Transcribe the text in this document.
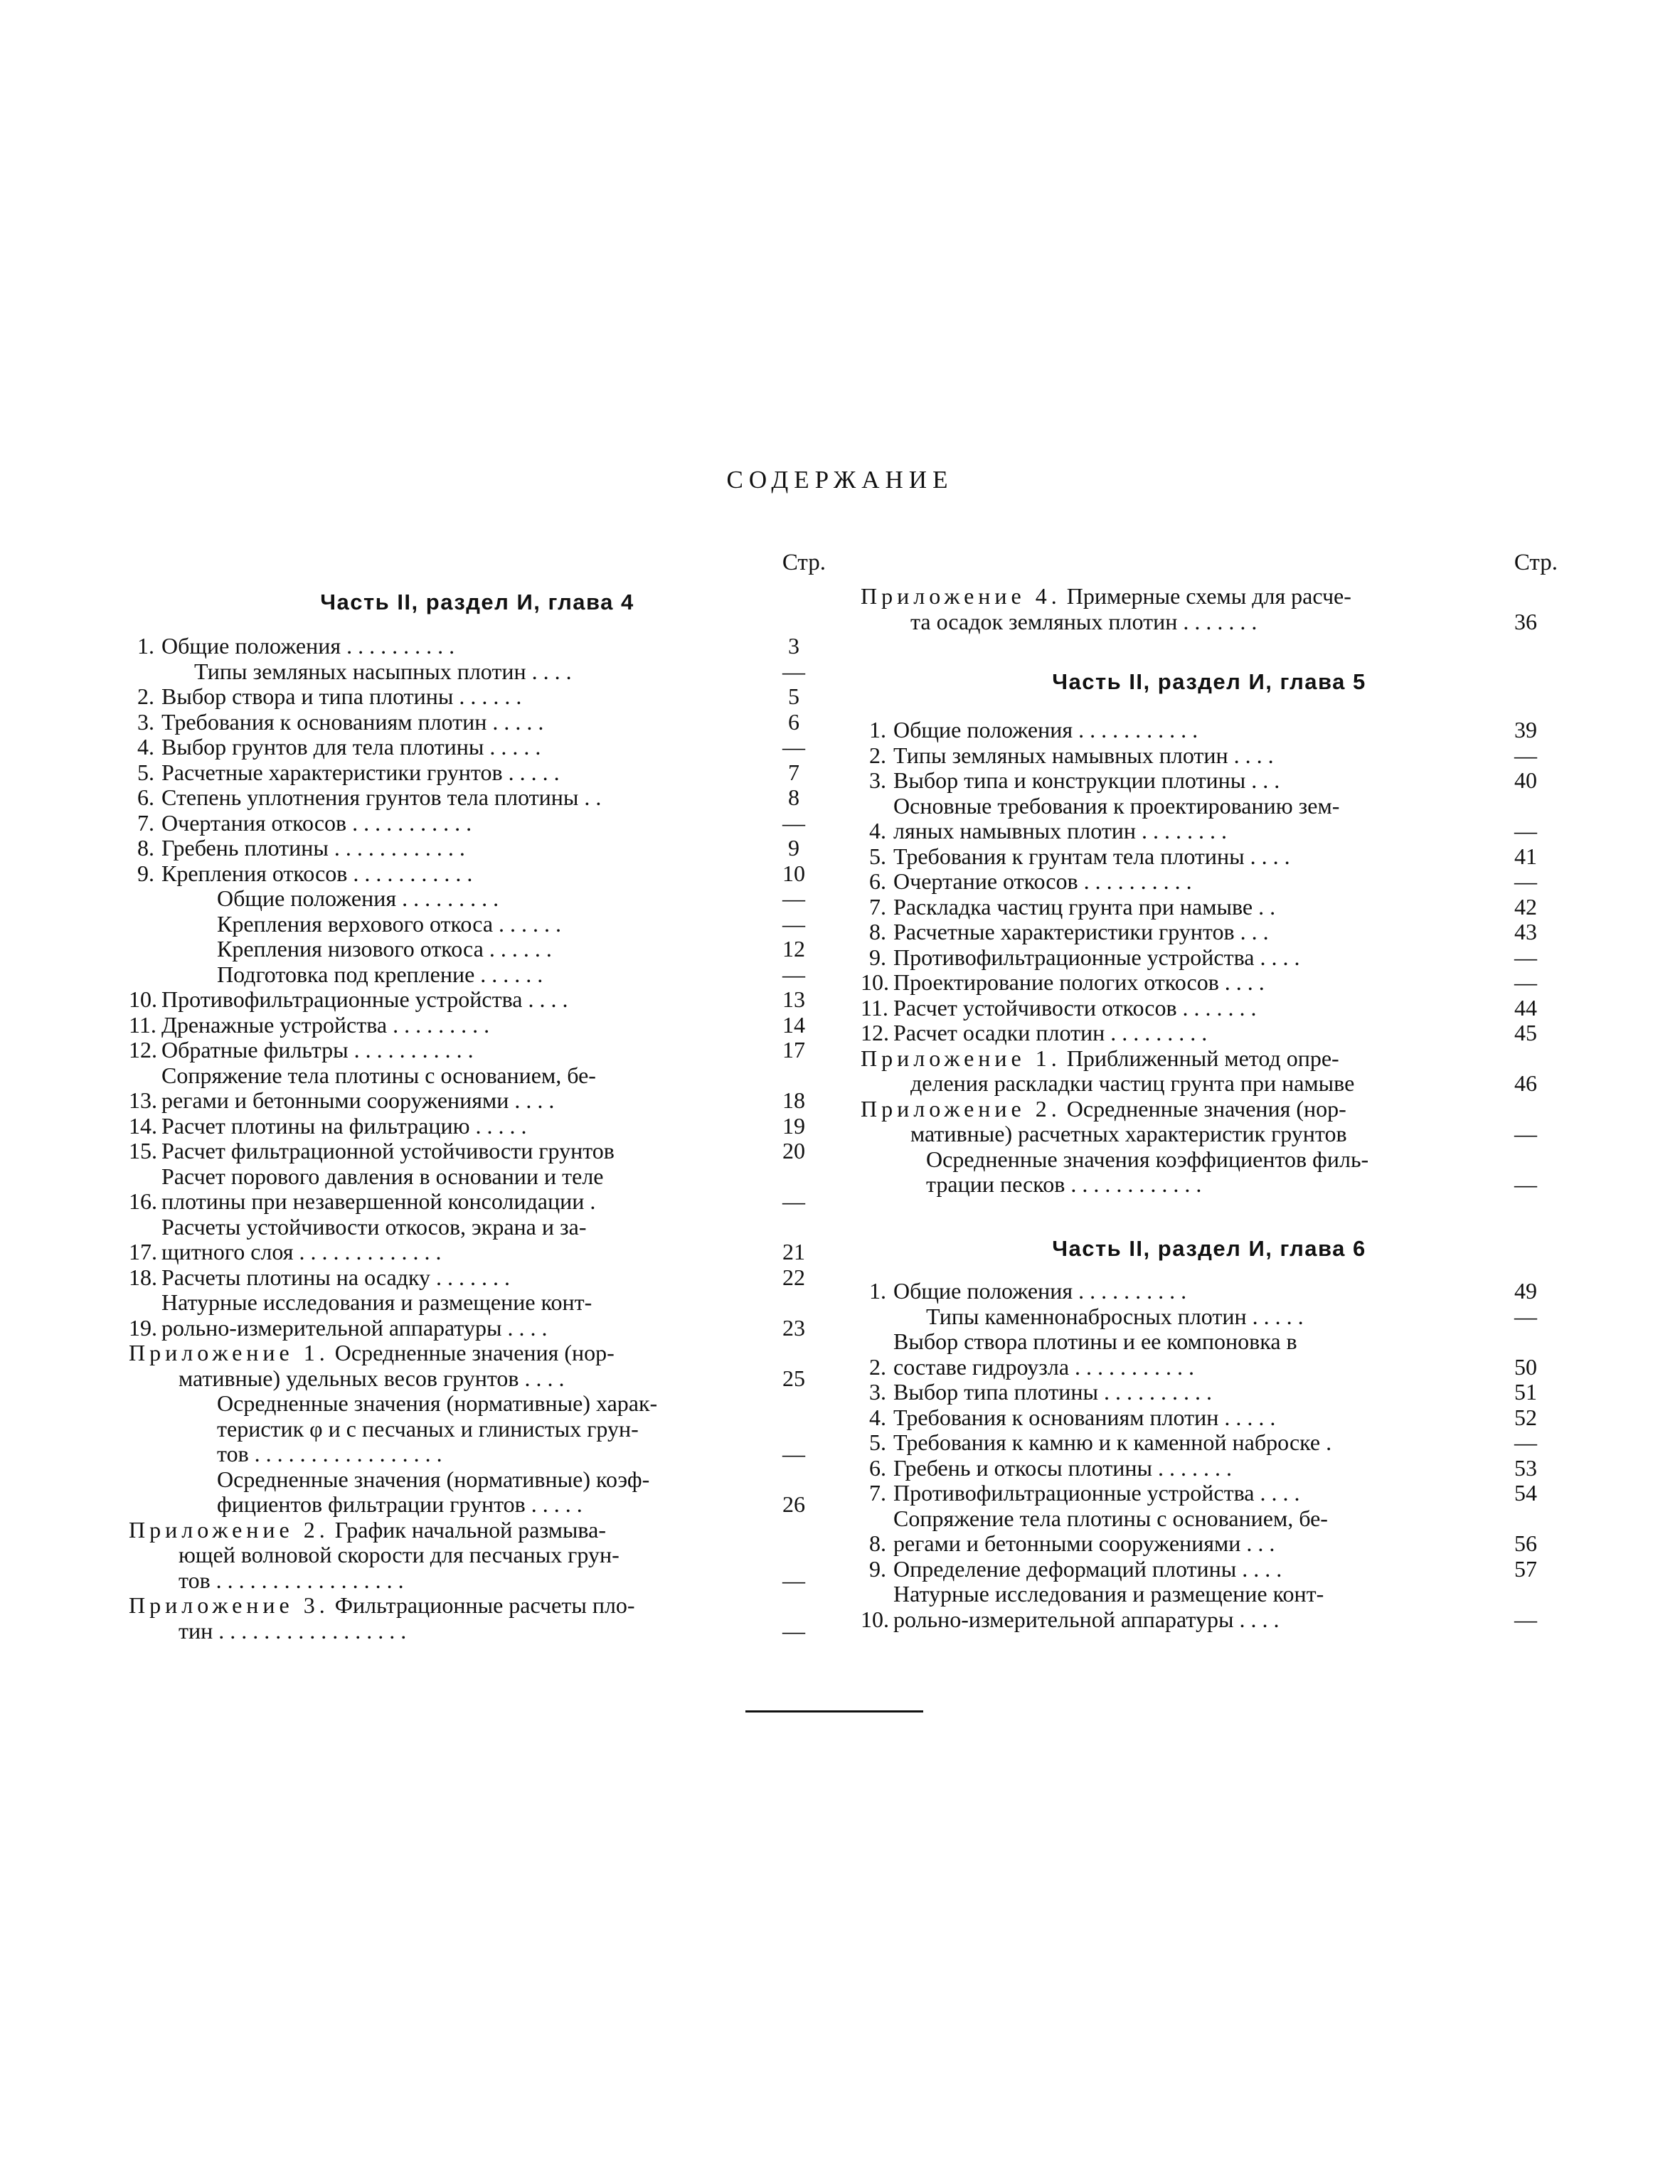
СОДЕРЖАНИЕ
Стр.
Часть II, раздел И, глава 4
1. Общие положения . . . . . . . . . .	3
Типы земляных насыпных плотин . . . .	—
2. Выбор створа и типа плотины . . . . . .	5
3. Требования к основаниям плотин . . . . .	6
4. Выбор грунтов для тела плотины . . . . .	—
5. Расчетные характеристики грунтов . . . . .	7
6. Степень уплотнения грунтов тела плотины . .	8
7. Очертания откосов . . . . . . . . . . .	—
8. Гребень плотины . . . . . . . . . . . .	9
9. Крепления откосов . . . . . . . . . . .	10
Общие положения . . . . . . . . .	—
Крепления верхового откоса . . . . . .	—
Крепления низового откоса . . . . . .	12
Подготовка под крепление . . . . . .	—
10. Противофильтрационные устройства . . . .	13
11. Дренажные устройства . . . . . . . . .	14
12. Обратные фильтры . . . . . . . . . . .	17
13.
Сопряжение тела плотины с основанием, бе-
регами и бетонными сооружениями . . . .	18
14. Расчет плотины на фильтрацию . . . . .	19
15. Расчет фильтрационной устойчивости грунтов	20
16.
Расчет порового давления в основании и теле
плотины при незавершенной консолидации .	—
17.
Расчеты устойчивости откосов, экрана и за-
щитного слоя . . . . . . . . . . . . .	21
18. Расчеты плотины на осадку . . . . . . .	22
19.
Натурные исследования и размещение конт-
рольно-измерительной аппаратуры . . . .	23
Приложение 1. Осредненные значения (нор-
мативные) удельных весов грунтов . . . .	25
Осредненные значения (нормативные) харак-
теристик φ и с песчаных и глинистых грун-
тов . . . . . . . . . . . . . . . . .	—
Осредненные значения (нормативные) коэф-
фициентов фильтрации грунтов . . . . .	26
Приложение 2. График начальной размыва-
ющей волновой скорости для песчаных грун-
тов . . . . . . . . . . . . . . . . .	—
Приложение 3. Фильтрационные расчеты пло-
тин . . . . . . . . . . . . . . . . .	—
Стр.
Приложение 4. Примерные схемы для расче-
та осадок земляных плотин . . . . . . .	36
Часть II, раздел И, глава 5
1. Общие положения . . . . . . . . . . .	39
2. Типы земляных намывных плотин . . . .	—
3. Выбор типа и конструкции плотины . . .	40
4.
Основные требования к проектированию зем-
ляных намывных плотин . . . . . . . .	—
5. Требования к грунтам тела плотины . . . .	41
6. Очертание откосов . . . . . . . . . .	—
7. Раскладка частиц грунта при намыве . .	42
8. Расчетные характеристики грунтов . . .	43
9. Противофильтрационные устройства . . . .	—
10. Проектирование пологих откосов . . . .	—
11. Расчет устойчивости откосов . . . . . . .	44
12. Расчет осадки плотин . . . . . . . . .	45
Приложение 1. Приближенный метод опре-
деления раскладки частиц грунта при намыве	46
Приложение 2. Осредненные значения (нор-
мативные) расчетных характеристик грунтов	—
Осредненные значения коэффициентов филь-
трации песков . . . . . . . . . . . .	—
Часть II, раздел И, глава 6
1. Общие положения . . . . . . . . . .	49
Типы каменнонабросных плотин . . . . .	—
2.
Выбор створа плотины и ее компоновка в
составе гидроузла . . . . . . . . . . .	50
3. Выбор типа плотины . . . . . . . . . .	51
4. Требования к основаниям плотин . . . . .	52
5. Требования к камню и к каменной наброске .	—
6. Гребень и откосы плотины . . . . . . .	53
7. Противофильтрационные устройства . . . .	54
8.
Сопряжение тела плотины с основанием, бе-
регами и бетонными сооружениями . . .	56
9. Определение деформаций плотины . . . .	57
10.
Натурные исследования и размещение конт-
рольно-измерительной аппаратуры . . . .	—
